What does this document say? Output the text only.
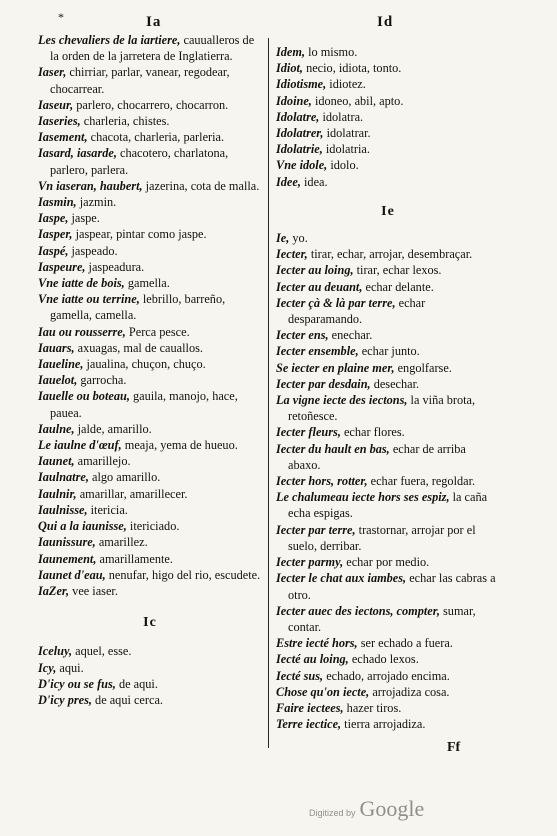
*	Ia	Id

Les chevaliers de la iartiere, cauualleros de la orden de la jarretera de Inglatierra.

Iaser, chirriar, parlar, vanear, regodear, chocarrear.

Iaseur, parlero, chocarrero, chocarron.

Iaseries, charleria, chistes.

Iasement, chacota, charleria, parleria.

Iasard, iasarde, chacotero, charlatona, parlero, parlera.

Vn iaseran, haubert, jazerina, cota de malla.

Iasmin, jazmin.

Iaspe, jaspe.

Iasper, jaspear, pintar como jaspe.

Iaspé, jaspeado.

Iaspeure, jaspeadura.

Vne iatte de bois, gamella.

Vne iatte ou terrine, lebrillo, barreño, gamella, camella.

Iau ou rousserre, Perca pesce.

Iauars, axuagas, mal de cauallos.

Iaueline, jaualina, chuçon, chuço.

Iauelot, garrocha.

Iauelle ou boteau, gauila, manojo, hace, pauea.

Iaulne, jalde, amarillo.

Le iaulne d'œuf, meaja, yema de hueuo.

Iaunet, amarillejo.

Iaulnatre, algo amarillo.

Iaulnir, amarillar, amarillecer.

Iaulnisse, itericia.

Qui a la iaunisse, itericiado.

Iaunissure, amarillez.

Iaunement, amarillamente.

Iaunet d'eau, nenufar, higo del rio, escudete.

IaZer, vee iaser.

Ic

Iceluy, aquel, esse.

Icy, aqui.

D'icy ou se fus, de aqui.

D'icy pres, de aqui cerca.

Idem, lo mismo.

Idiot, necio, idiota, tonto.

Idiotisme, idiotez.

Idoine, idoneo, abil, apto.

Idolatre, idolatra.

Idolatrer, idolatrar.

Idolatrie, idolatria.

Vne idole, idolo.

Idee, idea.

Ie

Ie, yo.

Iecter, tirar, echar, arrojar, desembraçar.

Iecter au loing, tirar, echar lexos.

Iecter au deuant, echar delante.

Iecter çà & là par terre, echar desparamando.

Iecter ens, enechar.

Iecter ensemble, echar junto.

Se iecter en plaine mer, engolfarse.

Iecter par desdain, desechar.

La vigne iecte des iectons, la viña brota, retoñesce.

Iecter fleurs, echar flores.

Iecter du hault en bas, echar de arriba abaxo.

Iecter hors, rotter, echar fuera, regoldar.

Le chalumeau iecte hors ses espiz, la caña echa espigas.

Iecter par terre, trastornar, arrojar por el suelo, derribar.

Iecter parmy, echar por medio.

Iecter le chat aux iambes, echar las cabras a otro.

Iecter auec des iectons, compter, sumar, contar.

Estre iecté hors, ser echado a fuera.

Iecté au loing, echado lexos.

Iecté sus, echado, arrojado encima.

Chose qu'on iecte, arrojadiza cosa.

Faire iectees, hazer tiros.

Terre iectice, tierra arrojadiza.

Ff
Digitized by Google
